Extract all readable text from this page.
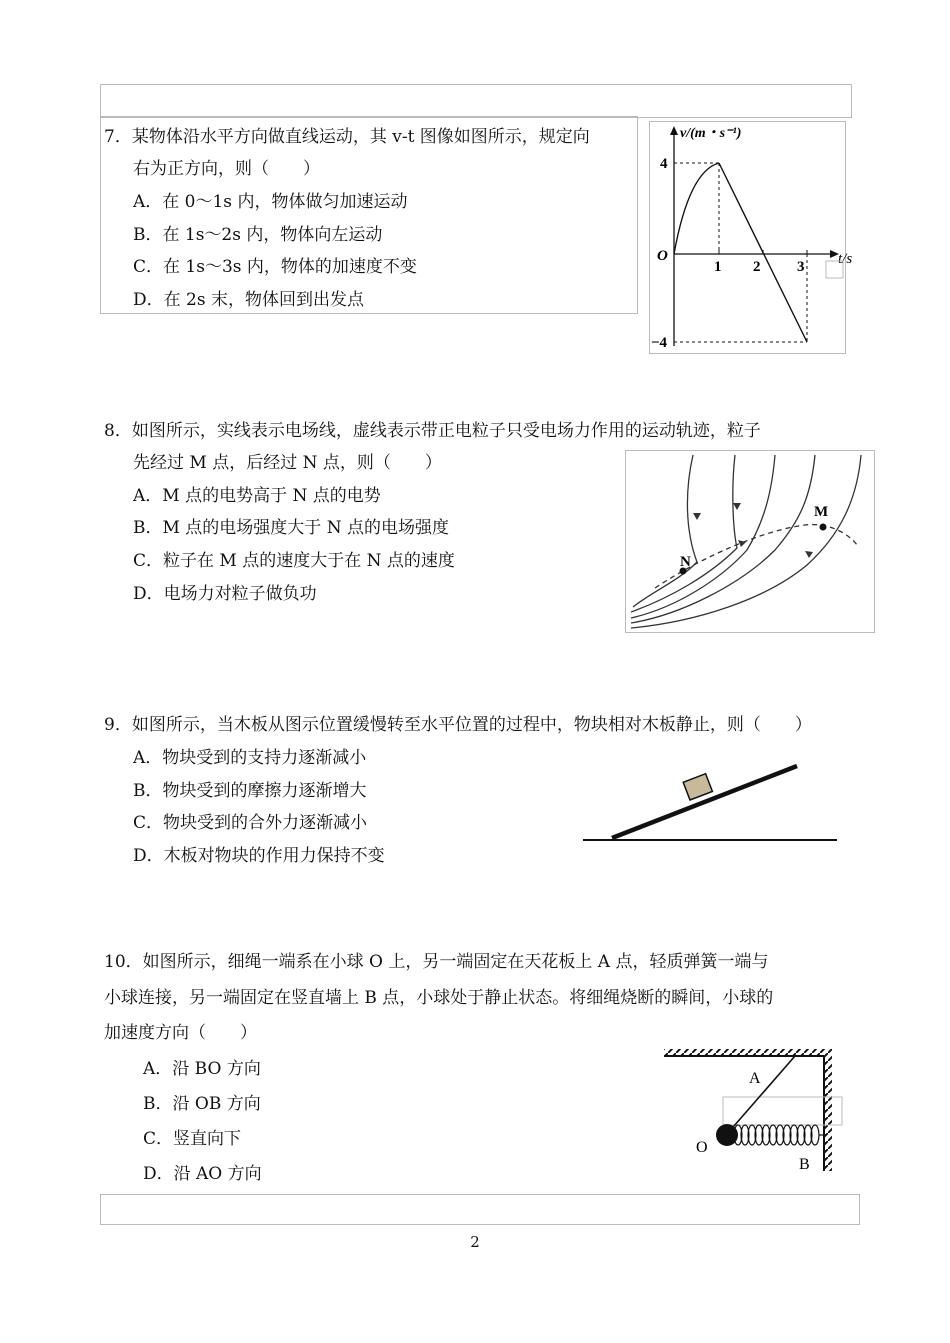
7．某物体沿水平方向做直线运动，其 v-t 图像如图所示，规定向
右为正方向，则（　　）
A．在 0～1s 内，物体做匀加速运动
B．在 1s～2s 内，物体向左运动
C．在 1s～3s 内，物体的加速度不变
D．在 2s 末，物体回到出发点
v/(m・s⁻¹)
t/s
O
1 2 3
4
−4
8．如图所示，实线表示电场线，虚线表示带正电粒子只受电场力作用的运动轨迹，粒子
先经过 M 点，后经过 N 点，则（　　）
A．M 点的电势高于 N 点的电势
B．M 点的电场强度大于 N 点的电场强度
C．粒子在 M 点的速度大于在 N 点的速度
D．电场力对粒子做负功
M
N
9．如图所示，当木板从图示位置缓慢转至水平位置的过程中，物块相对木板静止，则（　　）
A．物块受到的支持力逐渐减小
B．物块受到的摩擦力逐渐增大
C．物块受到的合外力逐渐减小
D．木板对物块的作用力保持不变
10．如图所示，细绳一端系在小球 O 上，另一端固定在天花板上 A 点，轻质弹簧一端与
小球连接，另一端固定在竖直墙上 B 点，小球处于静止状态。将细绳烧断的瞬间，小球的
加速度方向（　　）
A．沿 BO 方向
B．沿 OB 方向
C．竖直向下
D．沿 AO 方向
A
O
B
2
